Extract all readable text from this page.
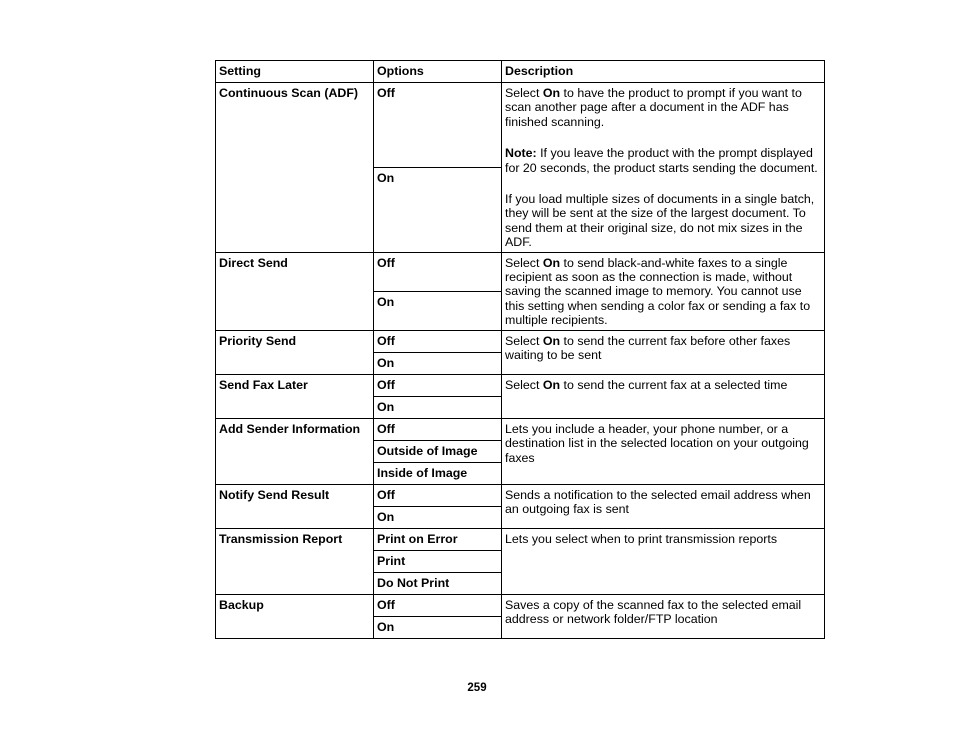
Setting	Options	Description
Continuous Scan (ADF)	Off	Select On to have the product to prompt if you want to scan another page after a document in the ADF has finished scanning.

Note: If you leave the product with the prompt displayed for 20 seconds, the product starts sending the document.

If you load multiple sizes of documents in a single batch, they will be sent at the size of the largest document. To send them at their original size, do not mix sizes in the ADF.

	On	
Direct Send	Off	Select On to send black-and-white faxes to a single recipient as soon as the connection is made, without saving the scanned image to memory. You cannot use this setting when sending a color fax or sending a fax to multiple recipients.

	On	
Priority Send	Off	Select On to send the current fax before other faxes waiting to be sent

	On	
Send Fax Later	Off	Select On to send the current fax at a selected time

	On	
Add Sender Information	Off	Lets you include a header, your phone number, or a destination list in the selected location on your outgoing faxes

	Outside of Image	
	Inside of Image	
Notify Send Result	Off	Sends a notification to the selected email address when an outgoing fax is sent

	On	
Transmission Report	Print on Error	Lets you select when to print transmission reports

	Print	
	Do Not Print	
Backup	Off	Saves a copy of the scanned fax to the selected email address or network folder/FTP location

	On	
259
